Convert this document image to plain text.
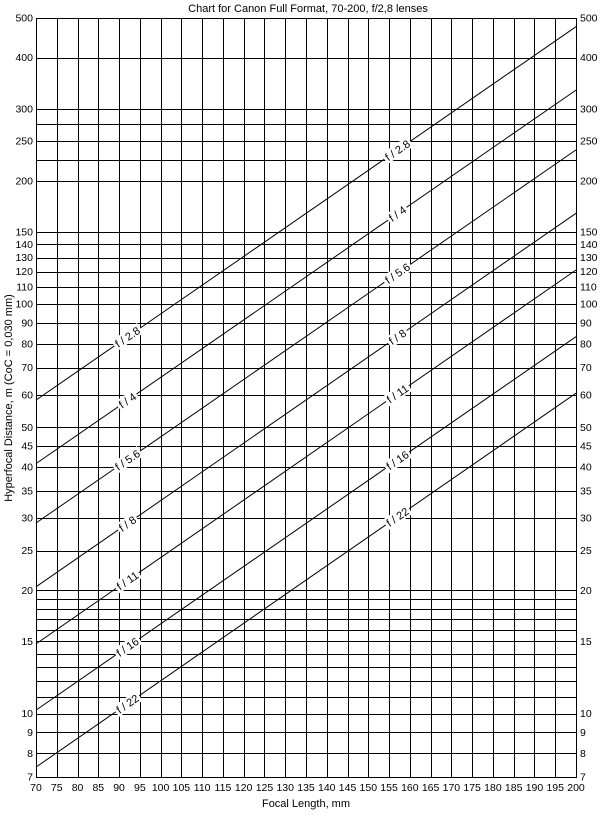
Chart for Canon Full Format, 70-200, f/2,8 lenses
70 75 80 85 90 95 100 105 110 115 120 125 130 135 140 145 150 155 160 165 170 175 180 185 190 195 200
7	7
8	8
9	9
10	10
15	15
20	20
25	25
30	30
35	35
40	40
45	45
50	50
60	60
70	70
80	80
90	90
100	100
110	110
120	120
130	130
140	140
150	150
200	200
250	250
300	300
400	400
500	500
f / 2.8
f / 2.8
f / 4
f / 4
f / 5.6
f / 5.6
f / 8
f / 8
f / 11
f / 11
f / 16
f / 16
f / 22
f / 22
Focal Length, mm
Hyperfocal Distance, m (CoC = 0,030 mm)
